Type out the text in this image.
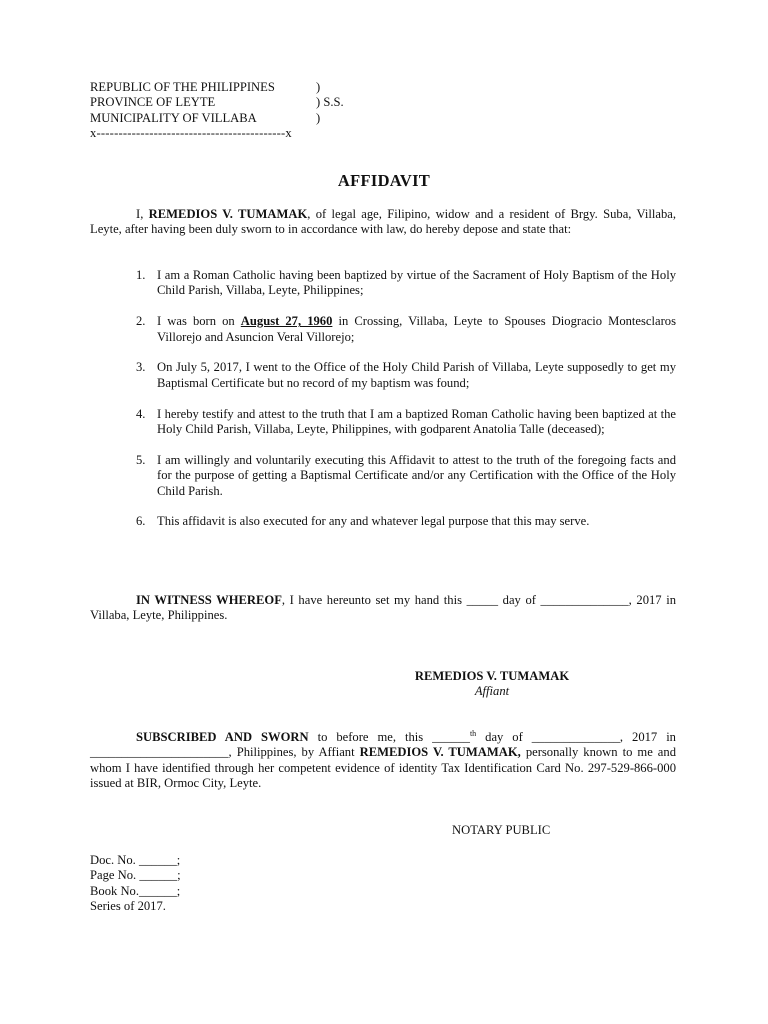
REPUBLIC OF THE PHILIPPINES	)
PROVINCE OF LEYTE	) S.S.
MUNICIPALITY OF VILLABA	)
x-------------------------------------------x
AFFIDAVIT
I, REMEDIOS V. TUMAMAK, of legal age, Filipino, widow and a resident of Brgy. Suba, Villaba, Leyte, after having been duly sworn to in accordance with law, do hereby depose and state that:
1. I am a Roman Catholic having been baptized by virtue of the Sacrament of Holy Baptism of the Holy Child Parish, Villaba, Leyte, Philippines;
2. I was born on August 27, 1960 in Crossing, Villaba, Leyte to Spouses Diogracio Montesclaros Villorejo and Asuncion Veral Villorejo;
3. On July 5, 2017, I went to the Office of the Holy Child Parish of Villaba, Leyte supposedly to get my Baptismal Certificate but no record of my baptism was found;
4. I hereby testify and attest to the truth that I am a baptized Roman Catholic having been baptized at the Holy Child Parish, Villaba, Leyte, Philippines, with godparent Anatolia Talle (deceased);
5. I am willingly and voluntarily executing this Affidavit to attest to the truth of the foregoing facts and for the purpose of getting a Baptismal Certificate and/or any Certification with the Office of the Holy Child Parish.
6. This affidavit is also executed for any and whatever legal purpose that this may serve.
IN WITNESS WHEREOF, I have hereunto set my hand this _____ day of ______________, 2017 in Villaba, Leyte, Philippines.
REMEDIOS V. TUMAMAK
Affiant
SUBSCRIBED AND SWORN to before me, this ______$^{th}$ day of ______________, 2017 in ______________________, Philippines, by Affiant REMEDIOS V. TUMAMAK, personally known to me and whom I have identified through her competent evidence of identity Tax Identification Card No. 297-529-866-000 issued at BIR, Ormoc City, Leyte.
NOTARY PUBLIC
Doc. No. ______;
Page No. ______;
Book No.______;
Series of 2017.
